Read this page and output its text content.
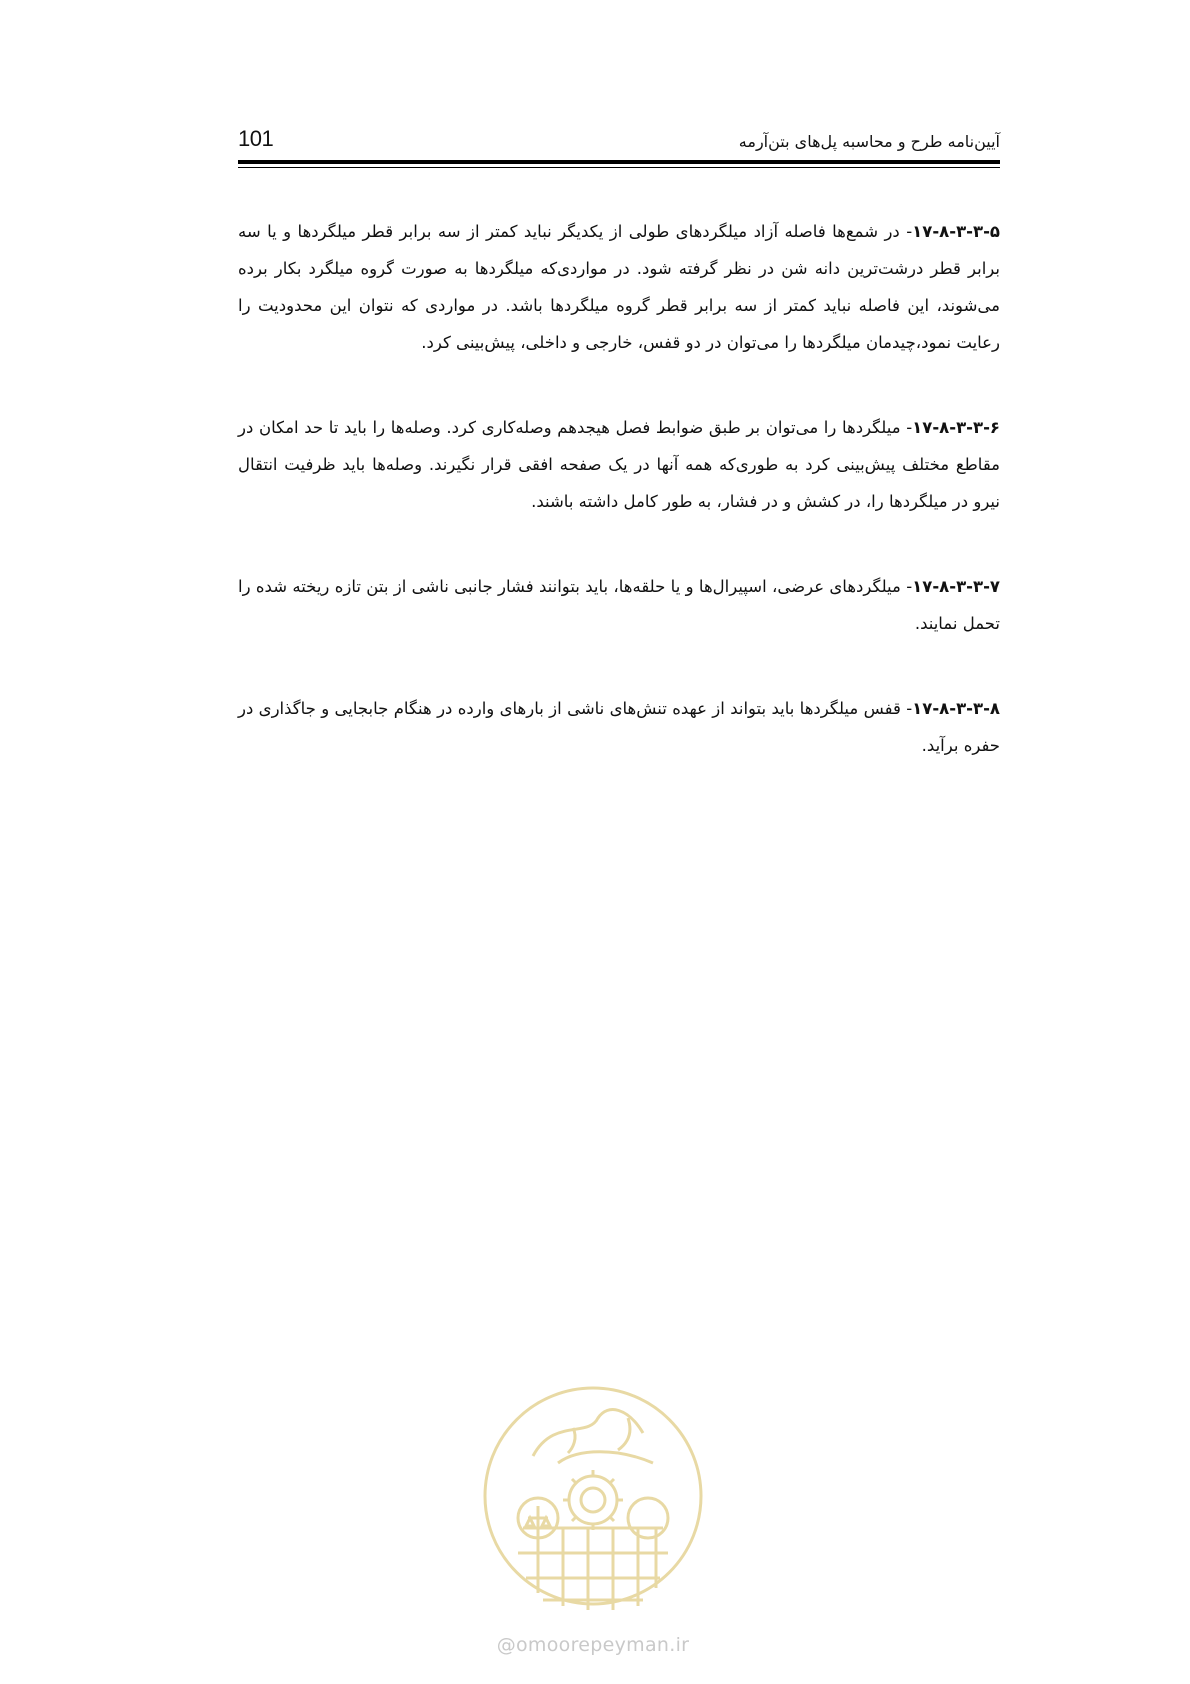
101	آیین‌نامه طرح و محاسبه پل‌های بتن‌آرمه

۱۷-۸-۳-۳-۵- در شمع‌ها فاصله آزاد میلگردهای طولی از یکدیگر نباید کمتر از سه برابر قطر میلگردها و یا سه برابر قطر درشت‌ترین دانه شن در نظر گرفته شود. در مواردی‌که میلگردها به صورت گروه میلگرد بکار برده می‌شوند، این فاصله نباید کمتر از سه برابر قطر گروه میلگردها باشد. در مواردی که نتوان این محدودیت را رعایت نمود،چیدمان میلگردها را می‌توان در دو قفس، خارجی و داخلی، پیش‌بینی کرد.

۱۷-۸-۳-۳-۶- میلگردها را می‌توان بر طبق ضوابط فصل هیجدهم وصله‌کاری کرد. وصله‌ها را باید تا حد امکان در مقاطع مختلف پیش‌بینی کرد به طوری‌که همه آنها در یک صفحه افقی قرار نگیرند. وصله‌ها باید ظرفیت انتقال نیرو در میلگردها را، در کشش و در فشار، به طور کامل داشته باشند.

۱۷-۸-۳-۳-۷- میلگردهای عرضی، اسپیرال‌ها و یا حلقه‌ها، باید بتوانند فشار جانبی ناشی از بتن تازه ریخته شده را تحمل نمایند.

۱۷-۸-۳-۳-۸- قفس میلگردها باید بتواند از عهده تنش‌های ناشی از بارهای وارده در هنگام جابجایی و جاگذاری در حفره برآید.

@omoorepeyman.ir
